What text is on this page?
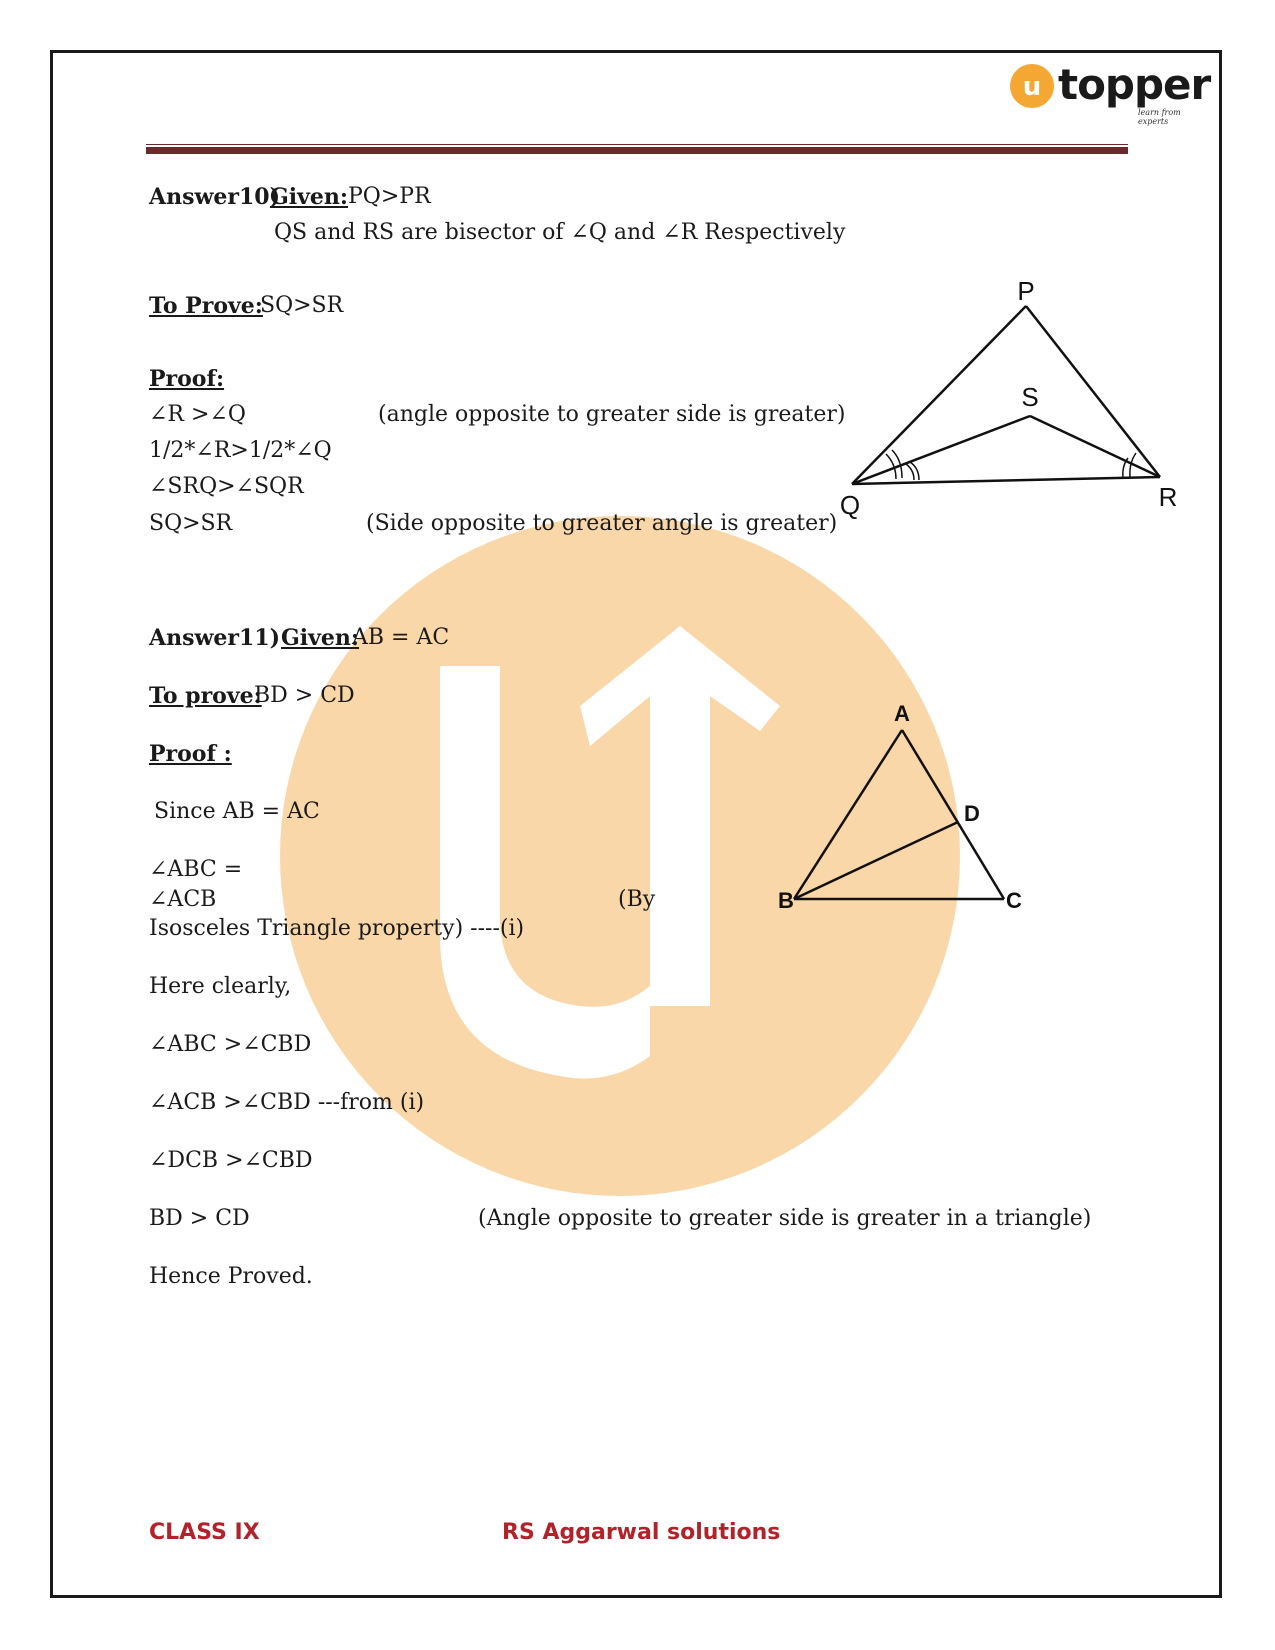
u topper
learn from experts
Answer10)
Given: PQ>PR
QS and RS are bisector of ∠Q and ∠R Respectively
To Prove:
SQ>SR
Proof:
∠R >∠Q	(angle opposite to greater side is greater)
1/2*∠R>1/2*∠Q
∠SRQ>∠SQR
SQ>SR	(Side opposite to greater angle is greater)
P
S
Q	R
Answer11) Given:
AB = AC
To prove:
BD > CD
Proof :
Since AB = AC
∠ABC =
∠ACB	(By
Isosceles Triangle property) ----(i)
Here clearly,
∠ABC >∠CBD
∠ACB >∠CBD ---from (i)
∠DCB >∠CBD
BD > CD	(Angle opposite to greater side is greater in a triangle)
Hence Proved.
A
D
B	C
CLASS IX	RS Aggarwal solutions
